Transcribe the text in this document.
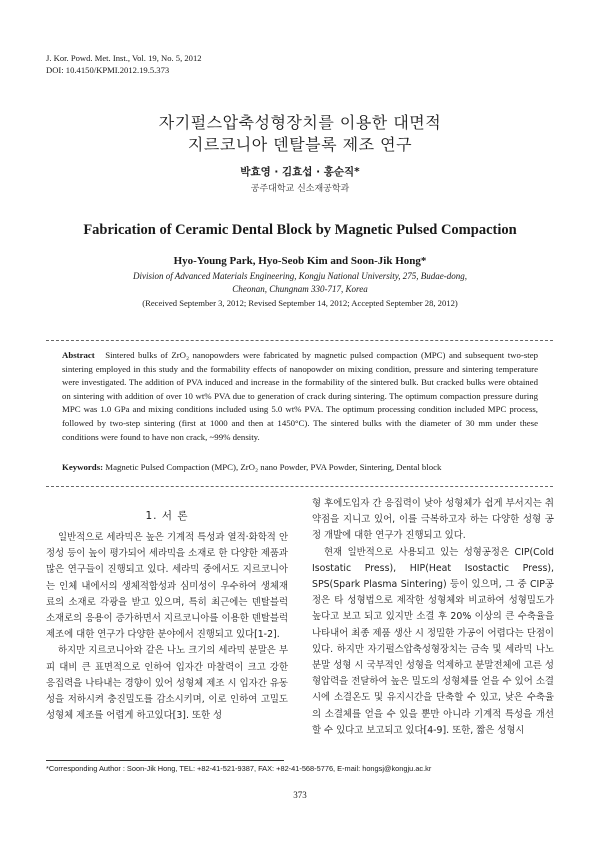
J. Kor. Powd. Met. Inst., Vol. 19, No. 5, 2012
DOI: 10.4150/KPMI.2012.19.5.373
자기펄스압축성형장치를 이용한 대면적
지르코니아 덴탈블록 제조 연구
박효영 · 김효섭 · 홍순직*
공주대학교 신소재공학과
Fabrication of Ceramic Dental Block by Magnetic Pulsed Compaction
Hyo-Young Park, Hyo-Seob Kim and Soon-Jik Hong*
Division of Advanced Materials Engineering, Kongju National University, 275, Budae-dong,
Cheonan, Chungnam 330-717, Korea
(Received September 3, 2012; Revised September 14, 2012; Accepted September 28, 2012)
Abstract Sintered bulks of ZrO₂ nanopowders were fabricated by magnetic pulsed compaction (MPC) and subsequent two-step sintering employed in this study and the formability effects of nanopowder on mixing condition, pressure and sintering temperature were investigated. The addition of PVA induced and increase in the formability of the sintered bulk. But cracked bulks were obtained on sintering with addition of over 10 wt% PVA due to generation of crack during sintering. The optimum compaction pressure during MPC was 1.0 GPa and mixing conditions included using 5.0 wt% PVA. The optimum processing condition included MPC process, followed by two-step sintering (first at 1000 and then at 1450°C). The sintered bulks with the diameter of 30 mm under these conditions were found to have non crack, ~99% density.
Keywords: Magnetic Pulsed Compaction (MPC), ZrO₂ nano Powder, PVA Powder, Sintering, Dental block
1. 서 론

일반적으로 세라믹은 높은 기계적 특성과 열적·화학적 안정성 등이 높이 평가되어 세라믹을 소재로 한 다양한 제품과 많은 연구들이 진행되고 있다. 세라믹 중에서도 지르코니아는 인체 내에서의 생체적합성과 심미성이 우수하여 생체재료의 소재로 각광을 받고 있으며, 특히 최근에는 덴탈블럭 소재로의 응용이 증가하면서 지르코니아를 이용한 덴탈블럭 제조에 대한 연구가 다양한 분야에서 진행되고 있다[1-2].

하지만 지르코니아와 같은 나노 크기의 세라믹 분말은 부피 대비 큰 표면적으로 인하여 입자간 마찰력이 크고 강한 응집력을 나타내는 경향이 있어 성형체 제조 시 입자간 유동성을 저하시켜 충진밀도를 감소시키며, 이로 인하여 고밀도 성형체 제조를 어렵게 하고있다[3]. 또한 성

형 후에도입자 간 응집력이 낮아 성형체가 쉽게 부서지는 취약점을 지니고 있어, 이를 극복하고자 하는 다양한 성형 공정 개발에 대한 연구가 진행되고 있다.

현재 일반적으로 사용되고 있는 성형공정은 CIP(Cold Isostatic Press), HIP(Heat Isostactic Press), SPS(Spark Plasma Sintering) 등이 있으며, 그 중 CIP공정은 타 성형법으로 제작한 성형체와 비교하여 성형밀도가 높다고 보고 되고 있지만 소결 후 20% 이상의 큰 수축율을 나타내어 최종 제품 생산 시 정밀한 가공이 어렵다는 단점이 있다. 하지만 자기펄스압축성형장치는 금속 및 세라믹 나노분말 성형 시 국부적인 성형을 억제하고 분말전체에 고른 성형압력을 전달하여 높은 밀도의 성형체를 얻을 수 있어 소결 시에 소결온도 및 유지시간을 단축할 수 있고, 낮은 수축율의 소결체를 얻을 수 있을 뿐만 아니라 기계적 특성을 개선할 수 있다고 보고되고 있다[4-9]. 또한, 짧은 성형시

*Corresponding Author : Soon-Jik Hong, TEL: +82-41-521-9387, FAX: +82-41-568-5776, E-mail: hongsj@kongju.ac.kr
373
